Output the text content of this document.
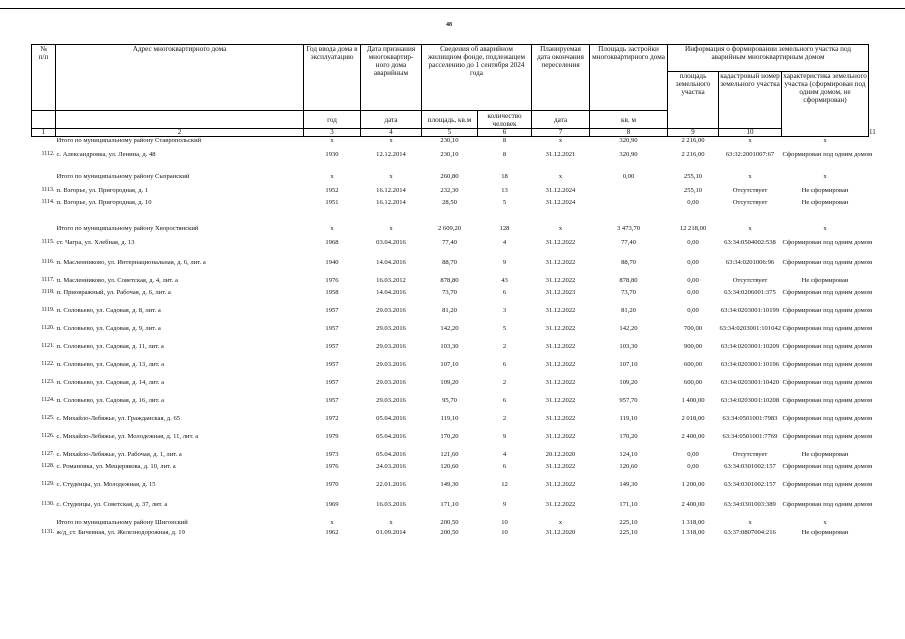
48
№
п/п	Адрес многоквартирного дома	Год ввода дома в эксплуатацию	Дата признания многоквартир-ного дома аварийным	Сведения об аварийном жилищном фонде, подлежащем расселению до 1 сентября 2024 года		Планируемая дата окончания переселения	Площадь застройки многоквартирного дома	Информация о формировании земельного участка под аварийным многоквартирным домом			
								площадь земельного участка	кадастровый номер земельного участка	характеристика земельного участка (сформирован под одним домом, не сформирован)	
		год	дата	площадь, кв.м	количество человек	дата	кв. м				
1	2	3	4	5	6	7	8	9	10		11
	Итого по муниципальному району Ставропольский	x	x	230,10	8	x	320,90	2 216,00	x	x	
1112.	с. Александровка, ул. Ленина, д. 48	1930	12.12.2014	230,10	8	31.12.2021	320,90	2 216,00	63:32:2001007:67	Сформирован под одним домом	
	Итого по муниципальному району Сызранский	x	x	260,80	18	x	0,00	255,10	x	x	
1113.	п. Взгорье, ул. Пригородная, д. 1	1952	16.12.2014	232,30	13	31.12.2024		255,10	Отсутствует	Не сформирован	
1114.	п. Взгорье, ул. Пригородная, д. 10	1951	16.12.2014	28,50	5	31.12.2024		0,00	Отсутствует	Не сформирован	
	Итого по муниципальному району Хворостянский	x	x	2 609,20	128	x	3 473,70	12 218,00	x	x	
1115.	ст. Чагра, ул. Хлебная, д. 13	1968	03.04.2016	77,40	4	31.12.2022	77,40	0,00	63:34:0504002:538	Сформирован под одним домом	
1116.	п. Масленниково, ул. Интернациональная, д. 6, лит. а	1940	14.04.2016	88,70	9	31.12.2022	88,70	0,00	63:34:0201006:96	Сформирован под одним домом	
1117.	п. Масленниково, ул. Советская, д. 4, лит. а	1976	16.03.2012	878,80	43	31.12.2022	878,80	0,00	Отсутствует	Не сформирован	
1118.	п. Приовражный, ул. Рабочая, д. 6, лит. а	1958	14.04.2016	73,70	6	31.12.2023	73,70	0,00	63:34:0206001:375	Сформирован под одним домом	
1119.	п. Соловьево, ул. Садовая, д. 8, лит. а	1957	29.03.2016	81,20	3	31.12.2022	81,20	0,00	63:34:0203001:10199	Сформирован под одним домом	
1120.	п. Соловьево, ул. Садовая, д. 9, лит. а	1957	29.03.2016	142,20	5	31.12.2022	142,20	700,00	63:34:0203001:101042	Сформирован под одним домом	
1121.	п. Соловьево, ул. Садовая, д. 11, лит. а	1957	29.03.2016	103,30	2	31.12.2022	103,30	900,00	63:34:0203001:10209	Сформирован под одним домом	
1122.	п. Соловьево, ул. Садовая, д. 13, лит. а	1957	29.03.2016	107,10	6	31.12.2022	107,10	600,00	63:34:0203001:10196	Сформирован под одним домом	
1123.	п. Соловьево, ул. Садовая, д. 14, лит. а	1957	29.03.2016	109,20	2	31.12.2022	109,20	600,00	63:34:0203001:10420	Сформирован под одним домом	
1124.	п. Соловьево, ул. Садовая, д. 16, лит. а	1957	29.03.2016	95,70	6	31.12.2022	957,70	1 400,00	63:34:0203001:10208	Сформирован под одним домом	
1125.	с. Михайло-Лебяжье, ул. Гражданская, д. 65	1972	05.04.2016	119,10	2	31.12.2022	119,10	2 018,00	63:34:0501001:7983	Сформирован под одним домом	
1126.	с. Михайло-Лебяжье, ул. Молодежная, д. 11, лит. а	1979	05.04.2016	170,20	9	31.12.2022	170,20	2 400,00	63:34:0501001:7769	Сформирован под одним домом	
1127.	с. Михайло-Лебяжье, ул. Рабочая, д. 1, лит. а	1973	05.04.2016	121,60	4	20.12.2020	124,10	0,00	Отсутствует	Не сформирован	
1128.	с. Романовка, ул. Мещерякова, д. 10, лит. а	1976	24.03.2016	120,60	6	31.12.2022	120,60	0,00	63:34:0301002:157	Сформирован под одним домом	
1129.	с. Студенцы, ул. Молодежная, д. 15	1970	22.01.2016	149,30	12	31.12.2022	149,30	1 200,00	63:34:0301002:157	Сформирован под одним домом	
1130.	с. Студенцы, ул. Советская, д. 37, лит. а	1969	16.03.2016	171,10	9	31.12.2022	171,10	2 400,00	63:34:0301003:389	Сформирован под одним домом	
	Итого по муниципальному району Шигонский	x	x	200,50	10	x	225,10	1 318,00	x	x	
1131.	ж/д_ст. Бичевная, ул. Железнодорожная, д. 19	1962	01.09.2014	200,50	10	31.12.2020	225,10	1 318,00	63:37:0807004:216	Не сформирован	
